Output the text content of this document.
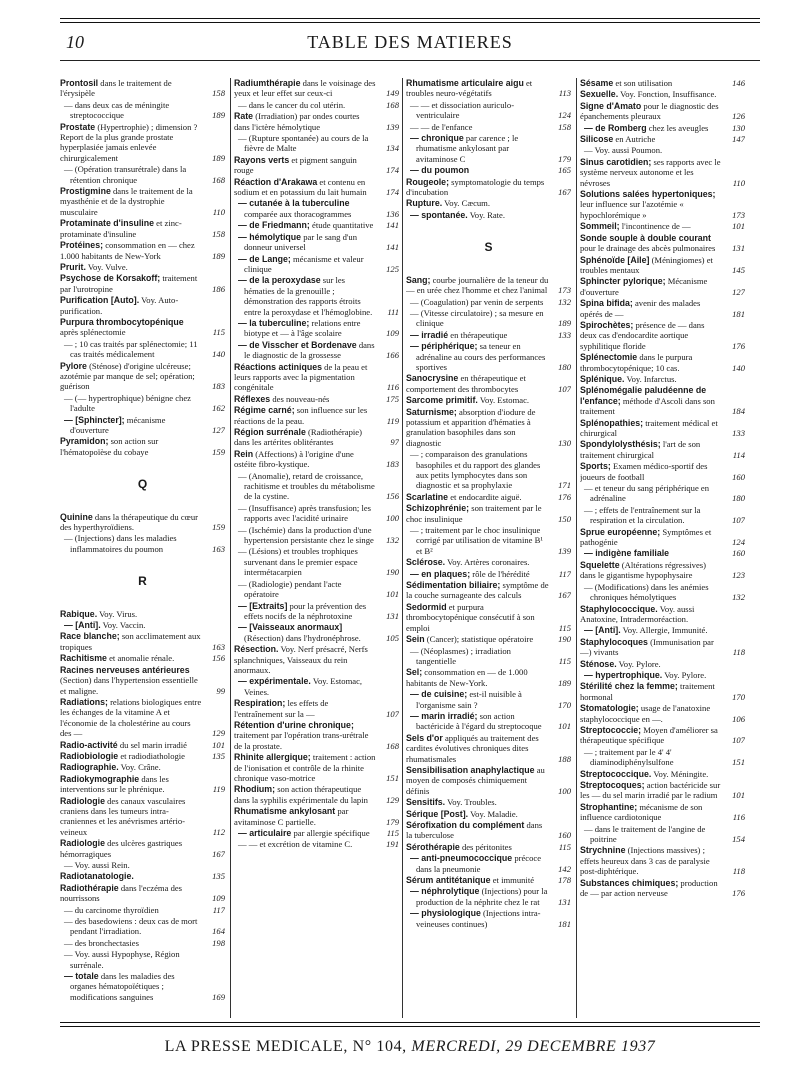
10	TABLE DES MATIERES
Prontosil dans le traitement de l'érysipèle	158
— dans deux cas de méningite streptococcique	189
Prostate (Hypertrophie) ; dimension ? Report de la plus grande prostate hyperplasiée jamais enlevée chirurgicalement	189
— (Opération transurétrale) dans la rétention chronique	168
Prostigmine dans le traitement de la myasthénie et de la dystrophie musculaire	110
Protaminate d'insuline et zinc-protaminate d'insuline	158
Protéines; consommation en — chez 1.000 habitants de New-York	189
Prurit. Voy. Vulve.
Psychose de Korsakoff; traitement par l'urotropine	186
Purification [Auto]. Voy. Auto-purification.
Purpura thrombocytopénique après splénectomie	115
— ; 10 cas traités par splénectomie; 11 cas traités médicalement	140
Pylore (Sténose) d'origine ulcéreuse; azotémie par manque de sel; opération; guérison	183
— (— hypertrophique) bénigne chez l'adulte	162
— [Sphincter]; mécanisme d'ouverture	127
Pyramidon; son action sur l'hématopoïèse du cobaye	159
Q
Quinine dans la thérapeutique du cœur des hyperthyroïdiens.	159
— (Injections) dans les maladies inflammatoires du poumon	163
R
Rabique. Voy. Virus.
— [Anti]. Voy. Vaccin.
Race blanche; son acclimatement aux tropiques	163
Rachitisme et anomalie rénale.	156
Racines nerveuses antérieures (Section) dans l'hypertension essentielle et maligne.	99
Radiations; relations biologiques entre les échanges de la vitamine A et l'économie de la cholestérine au cours des —	129
Radio-activité du sel marin irradié	101
Radiobiologie et radiodiathologie	135
Radiographie. Voy. Crâne.
Radiokymographie dans les interventions sur le phrénique.	119
Radiologie des canaux vasculaires craniens dans les tumeurs intra-craniennes et les anévrismes artério-veineux	112
Radiologie des ulcères gastriques hémorragiques	167
— Voy. aussi Rein.
Radiotanatologie.	135
Radiothérapie dans l'eczéma des nourrissons	109
— du carcinome thyroïdien	117
— des basedowiens : deux cas de mort pendant l'irradiation.	164
— des bronchectasies	198
— Voy. aussi Hypophyse, Région surrénale.
— totale dans les maladies des organes hématopoïétiques ; modifications sanguines	169
Radiumthérapie dans le voisinage des yeux et leur effet sur ceux-ci	149
— dans le cancer du col utérin.	168
Rate (Irradiation) par ondes courtes dans l'ictère hémolytique	139
— (Rupture spontanée) au cours de la fièvre de Malte	134
Rayons verts et pigment sanguin rouge	174
Réaction d'Arakawa et contenu en sodium et en potassium du lait humain 174
— cutanée à la tuberculine comparée aux thoracogrammes	136
— de Friedmann; étude quantitative 141
— hémolytique par le sang d'un donneur universel	141
— de Lange; mécanisme et valeur clinique	125
— de la peroxydase sur les hématies de la grenouille ; démonstration des rapports étroits entre la peroxydase et l'hémoglobine. 111
— la tuberculine; relations entre biotype et — à l'âge scolaire	109
— de Visscher et Bordenave dans le diagnostic de la grossesse	166
Réactions actiniques de la peau et leurs rapports avec la pigmentation congénitale	116
Réflexes des nouveau-nés	175
Régime carné; son influence sur les réactions de la peau.	119
Région surrénale (Radiothérapie) dans les artérites oblitérantes	97
Rein (Affections) à l'origine d'une ostéite fibro-kystique.	183
— (Anomalie), retard de croissance, rachitisme et troubles du métabolisme de la cystine.	156
— (Insuffisance) après transfusion; les rapports avec l'acidité urinaire	100
— (Ischémie) dans la production d'une hypertension persistante chez le singe 132
— (Lésions) et troubles trophiques survenant dans le premier espace intermétacarpien	190
— (Radiologie) pendant l'acte opératoire	101
— [Extraits] pour la prévention des effets nocifs de la néphrotoxine	131
— [Vaisseaux anormaux] (Résection) dans l'hydronéphrose.	105
Résection. Voy. Nerf présacré, Nerfs splanchniques, Vaisseaux du rein anormaux.
— expérimentale. Voy. Estomac, Veines.
Respiration; les effets de l'entraînement sur la —	107
Rétention d'urine chronique; traitement par l'opération trans-urétrale de la prostate.	168
Rhinite allergique; traitement : action de l'ionisation et contrôle de la rhinite chronique vaso-motrice	151
Rhodium; son action thérapeutique dans la syphilis expérimentale du lapin 129
Rhumatisme ankylosant par avitaminose C partielle.	179
— articulaire par allergie spécifique 115
— — et excrétion de vitamine C.	191
Rhumatisme articulaire aigu et troubles neuro-végétatifs	113
— — et dissociation auriculo-ventriculaire	124
— — de l'enfance	158
— chronique par carence ; le rhumatisme ankylosant par avitaminose C	179
— du poumon	165
Rougeole; symptomatologie du temps d'incubation	167
Rupture. Voy. Cæcum.
— spontanée. Voy. Rate.
S
Sang; courbe journalière de la teneur du — en urée chez l'homme et chez l'animal 173
— (Coagulation) par venin de serpents 132
— (Vitesse circulatoire) ; sa mesure en clinique	189
— irradié en thérapeutique	133
— périphérique; sa teneur en adrénaline au cours des performances sportives	180
Sanocrysine en thérapeutique et comportement des thrombocytes	107
Sarcome primitif. Voy. Estomac.
Saturnisme; absorption d'iodure de potassium et apparition d'hématies à granulation basophiles dans son diagnostic	130
— ; comparaison des granulations basophiles et du rapport des glandes aux petits lymphocytes dans son diagnostic et sa prophylaxie	171
Scarlatine et endocardite aiguë.	176
Schizophrénie; son traitement par le choc insulinique	150
— ; traitement par le choc insulinique corrigé par utilisation de vitamine B¹ et B²	139
Sclérose. Voy. Artères coronaires.
— en plaques; rôle de l'hérédité	117
Sédimentation biliaire; symptôme de la couche surnageante des calculs	167
Sedormid et purpura thrombocytopénique consécutif à son emploi	115
Sein (Cancer); statistique opératoire	190
— (Néoplasmes) ; irradiation tangentielle	115
Sel; consommation en — de 1.000 habitants de New-York.	189
— de cuisine; est-il nuisible à l'organisme sain ?	170
— marin irradié; son action bactéricide à l'égard du streptocoque 101
Sels d'or appliqués au traitement des cardites évolutives chroniques dites rhumatismales	188
Sensibilisation anaphylactique au moyen de composés chimiquement définis	100
Sensitifs. Voy. Troubles.
Sérique [Post]. Voy. Maladie.
Sérofixation du complément dans la tuberculose	160
Sérothérapie des péritonites	115
— anti-pneumococcique précoce dans la pneumonie	142
Sérum antitétanique et immunité	178
— néphrolytique (Injections) pour la production de la néphrite chez le rat 131
— physiologique (Injections intra-veineuses continues)	181
Sésame et son utilisation	146
Sexuelle. Voy. Fonction, Insuffisance.
Signe d'Amato pour le diagnostic des épanchements pleuraux	126
— de Romberg chez les aveugles	130
Silicose en Autriche	147
— Voy. aussi Poumon.
Sinus carotidien; ses rapports avec le système nerveux autonome et les névroses	110
Solutions salées hypertoniques; leur influence sur l'azotémie « hypochlorémique »	173
Sommeil; l'incontinence de —	101
Sonde souple à double courant pour le drainage des abcès pulmonaires 131
Sphénoïde [Aile] (Méningiomes) et troubles mentaux	145
Sphincter pylorique; Mécanisme d'ouverture	127
Spina bifida; avenir des malades opérés de —	181
Spirochètes; présence de — dans deux cas d'endocardite aortique syphilitique floride	176
Splénectomie dans le purpura thrombocytopénique; 10 cas.	140
Splénique. Voy. Infarctus.
Splénomégalie paludéenne de l'enfance; méthode d'Ascoli dans son traitement	184
Splénopathies; traitement médical et chirurgical	133
Spondylolysthésis; l'art de son traitement chirurgical	114
Sports; Examen médico-sportif des joueurs de football	160
— et teneur du sang périphérique en adrénaline	180
— ; effets de l'entraînement sur la respiration et la circulation.	107
Sprue européenne; Symptômes et pathogénie	124
— indigène familiale	160
Squelette (Altérations régressives) dans le gigantisme hypophysaire	123
— (Modifications) dans les anémies chroniques hémolytiques	132
Staphylococcique. Voy. aussi Anatoxine, Intradermoréaction.
— [Anti]. Voy. Allergie, Immunité.
Staphylocoques (Immunisation par —) vivants	118
Sténose. Voy. Pylore.
— hypertrophique. Voy. Pylore.
Stérilité chez la femme; traitement hormonal	170
Stomatologie; usage de l'anatoxine staphylococcique en —.	106
Streptococcie; Moyen d'améliorer sa thérapeutique spécifique	107
— ; traitement par le 4' 4' diaminodiphénylsulfone	151
Streptococcique. Voy. Méningite.
Streptocoques; action bactéricide sur les — du sel marin irradié par le radium 101
Strophantine; mécanisme de son influence cardiotonique	116
— dans le traitement de l'angine de poitrine	154
Strychnine (Injections massives) ; effets heureux dans 3 cas de paralysie post-diphtérique.	118
Substances chimiques; production de — par action nerveuse	176
LA PRESSE MEDICALE, N° 104, MERCREDI, 29 DECEMBRE 1937
